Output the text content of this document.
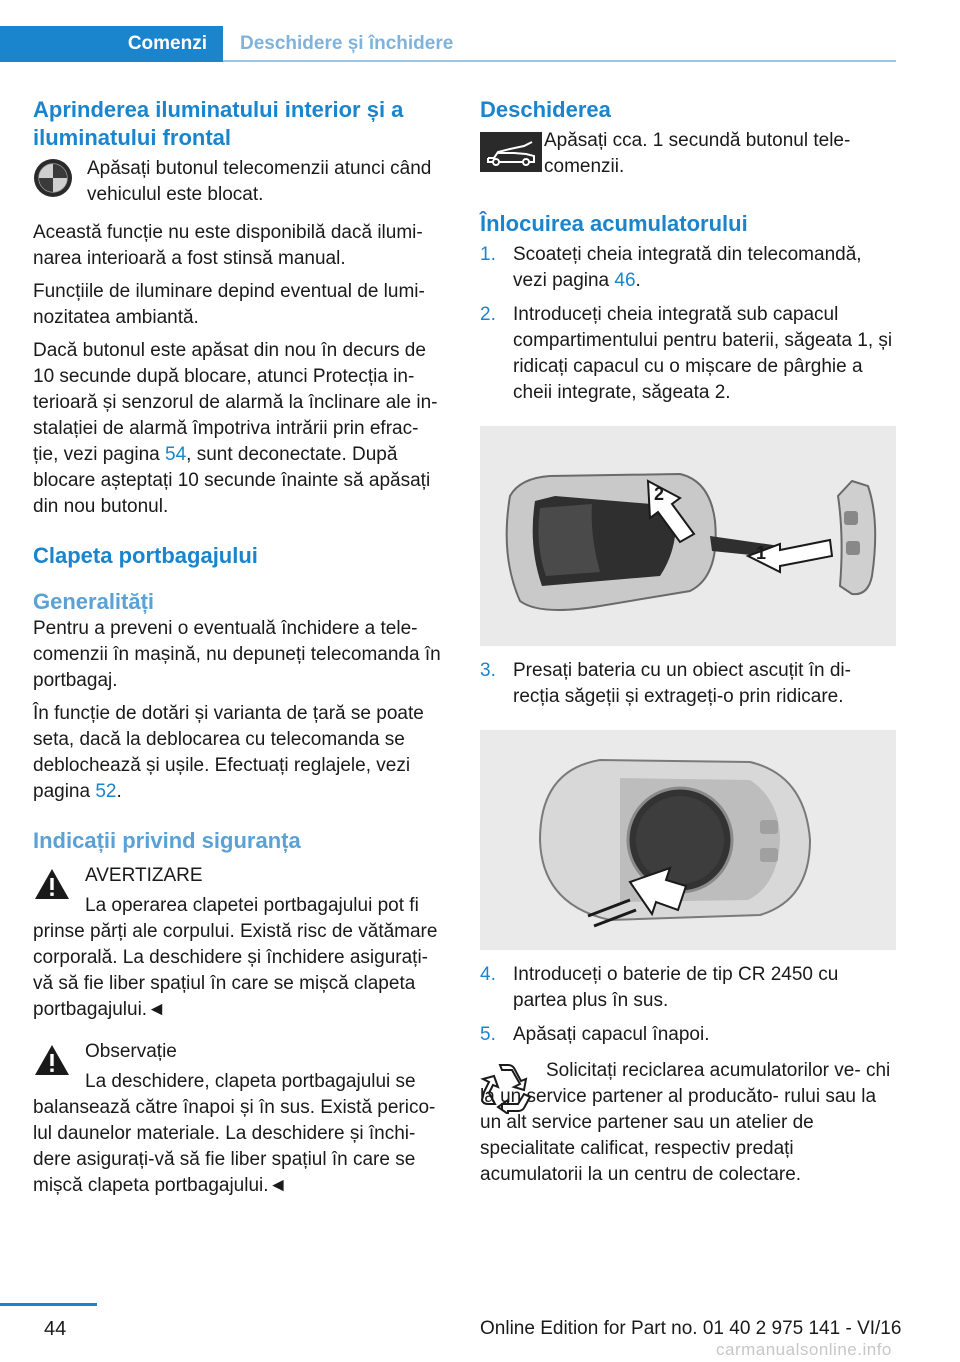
Comenzi	Deschidere și închidere
Aprinderea iluminatului interior și a iluminatului frontal

Apăsați butonul telecomenzii atunci când vehiculul este blocat.

Această funcție nu este disponibilă dacă ilumi- narea interioară a fost stinsă manual.

Funcțiile de iluminare depind eventual de lumi- nozitatea ambiantă.

Dacă butonul este apăsat din nou în decurs de 10 secunde după blocare, atunci Protecția in- terioară și senzorul de alarmă la înclinare ale in- stalației de alarmă împotriva intrării prin efrac- ție, vezi pagina 54, sunt deconectate. După blocare așteptați 10 secunde înainte să apăsați din nou butonul.

Clapeta portbagajului
Generalități

Pentru a preveni o eventuală închidere a tele- comenzii în mașină, nu depuneți telecomanda în portbagaj.

În funcție de dotări și varianta de țară se poate seta, dacă la deblocarea cu telecomanda se deblochează și ușile. Efectuați reglajele, vezi pagina 52.

Indicații privind siguranța

AVERTIZARE

La operarea clapetei portbagajului pot fi prinse părți ale corpului. Există risc de vătămare corporală. La deschidere și închidere asigurați-vă să fie liber spațiul în care se mișcă clapeta portbagajului.◄

Observație

La deschidere, clapeta portbagajului se balansează către înapoi și în sus. Există perico- lul daunelor materiale. La deschidere și închi- dere asigurați-vă să fie liber spațiul în care se mișcă clapeta portbagajului.◄

Deschiderea

Apăsați cca. 1 secundă butonul tele- comenzii.

Înlocuirea acumulatorului
1. Scoateți cheia integrată din telecomandă, vezi pagina 46.
2. Introduceți cheia integrată sub capacul compartimentului pentru baterii, săgeata 1, și ridicați capacul cu o mișcare de pârghie a cheii integrate, săgeata 2.
1
2
3. Presați bateria cu un obiect ascuțit în di- recția săgeții și extrageți-o prin ridicare.
4. Introduceți o baterie de tip CR 2450 cu partea plus în sus.
5. Apăsați capacul înapoi.

Solicitați reciclarea acumulatorilor ve- chi la un service partener al producăto- rului sau la un alt service partener sau un atelier de specialitate calificat, respectiv predați acumulatorii la un centru de colectare.

44	Online Edition for Part no. 01 40 2 975 141 - VI/16
carmanualsonline.info
